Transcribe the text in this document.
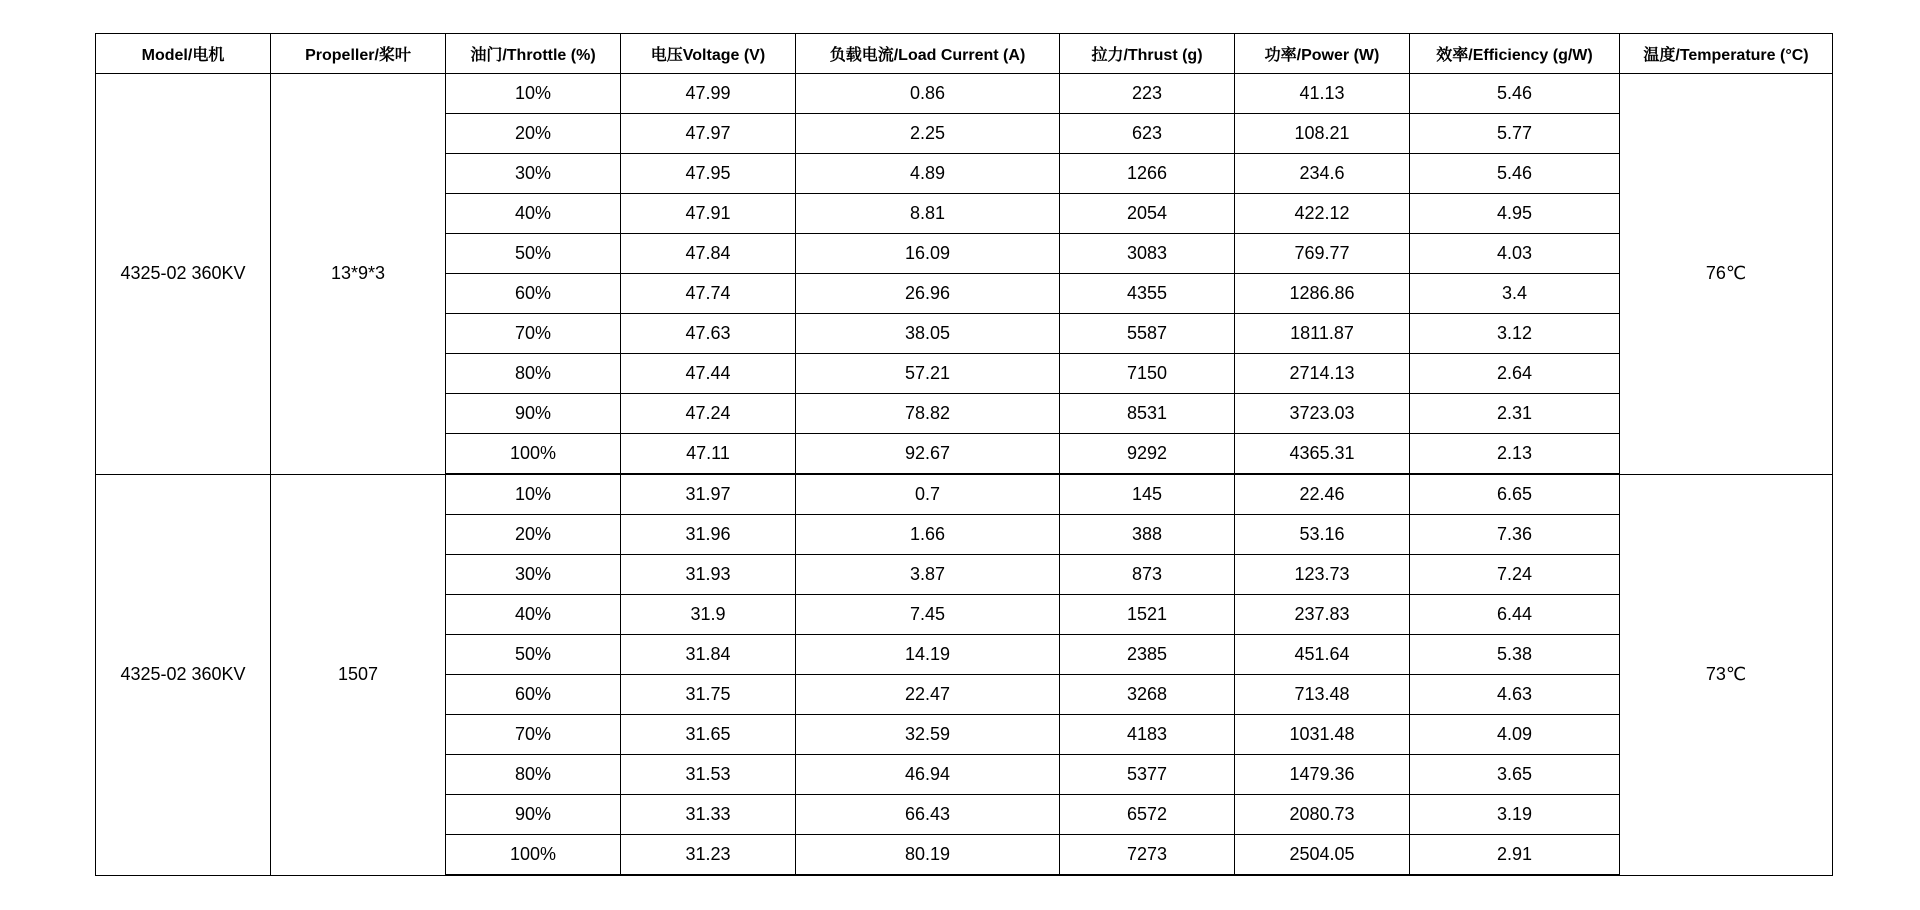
Model/电机	Propeller/桨叶	油门/Throttle (%)	电压Voltage (V)	负载电流/Load Current (A)	拉力/Thrust (g)	功率/Power (W)	效率/Efficiency (g/W)	温度/Temperature (°C)
4325-02 360KV	13*9*3	10%	47.99	0.86	223	41.13	5.46	76℃
		20%	47.97	2.25	623	108.21	5.77	
		30%	47.95	4.89	1266	234.6	5.46	
		40%	47.91	8.81	2054	422.12	4.95	
		50%	47.84	16.09	3083	769.77	4.03	
		60%	47.74	26.96	4355	1286.86	3.4	
		70%	47.63	38.05	5587	1811.87	3.12	
		80%	47.44	57.21	7150	2714.13	2.64	
		90%	47.24	78.82	8531	3723.03	2.31	
		100%	47.11	92.67	9292	4365.31	2.13	
4325-02 360KV	1507	10%	31.97	0.7	145	22.46	6.65	73℃
		20%	31.96	1.66	388	53.16	7.36	
		30%	31.93	3.87	873	123.73	7.24	
		40%	31.9	7.45	1521	237.83	6.44	
		50%	31.84	14.19	2385	451.64	5.38	
		60%	31.75	22.47	3268	713.48	4.63	
		70%	31.65	32.59	4183	1031.48	4.09	
		80%	31.53	46.94	5377	1479.36	3.65	
		90%	31.33	66.43	6572	2080.73	3.19	
		100%	31.23	80.19	7273	2504.05	2.91	
